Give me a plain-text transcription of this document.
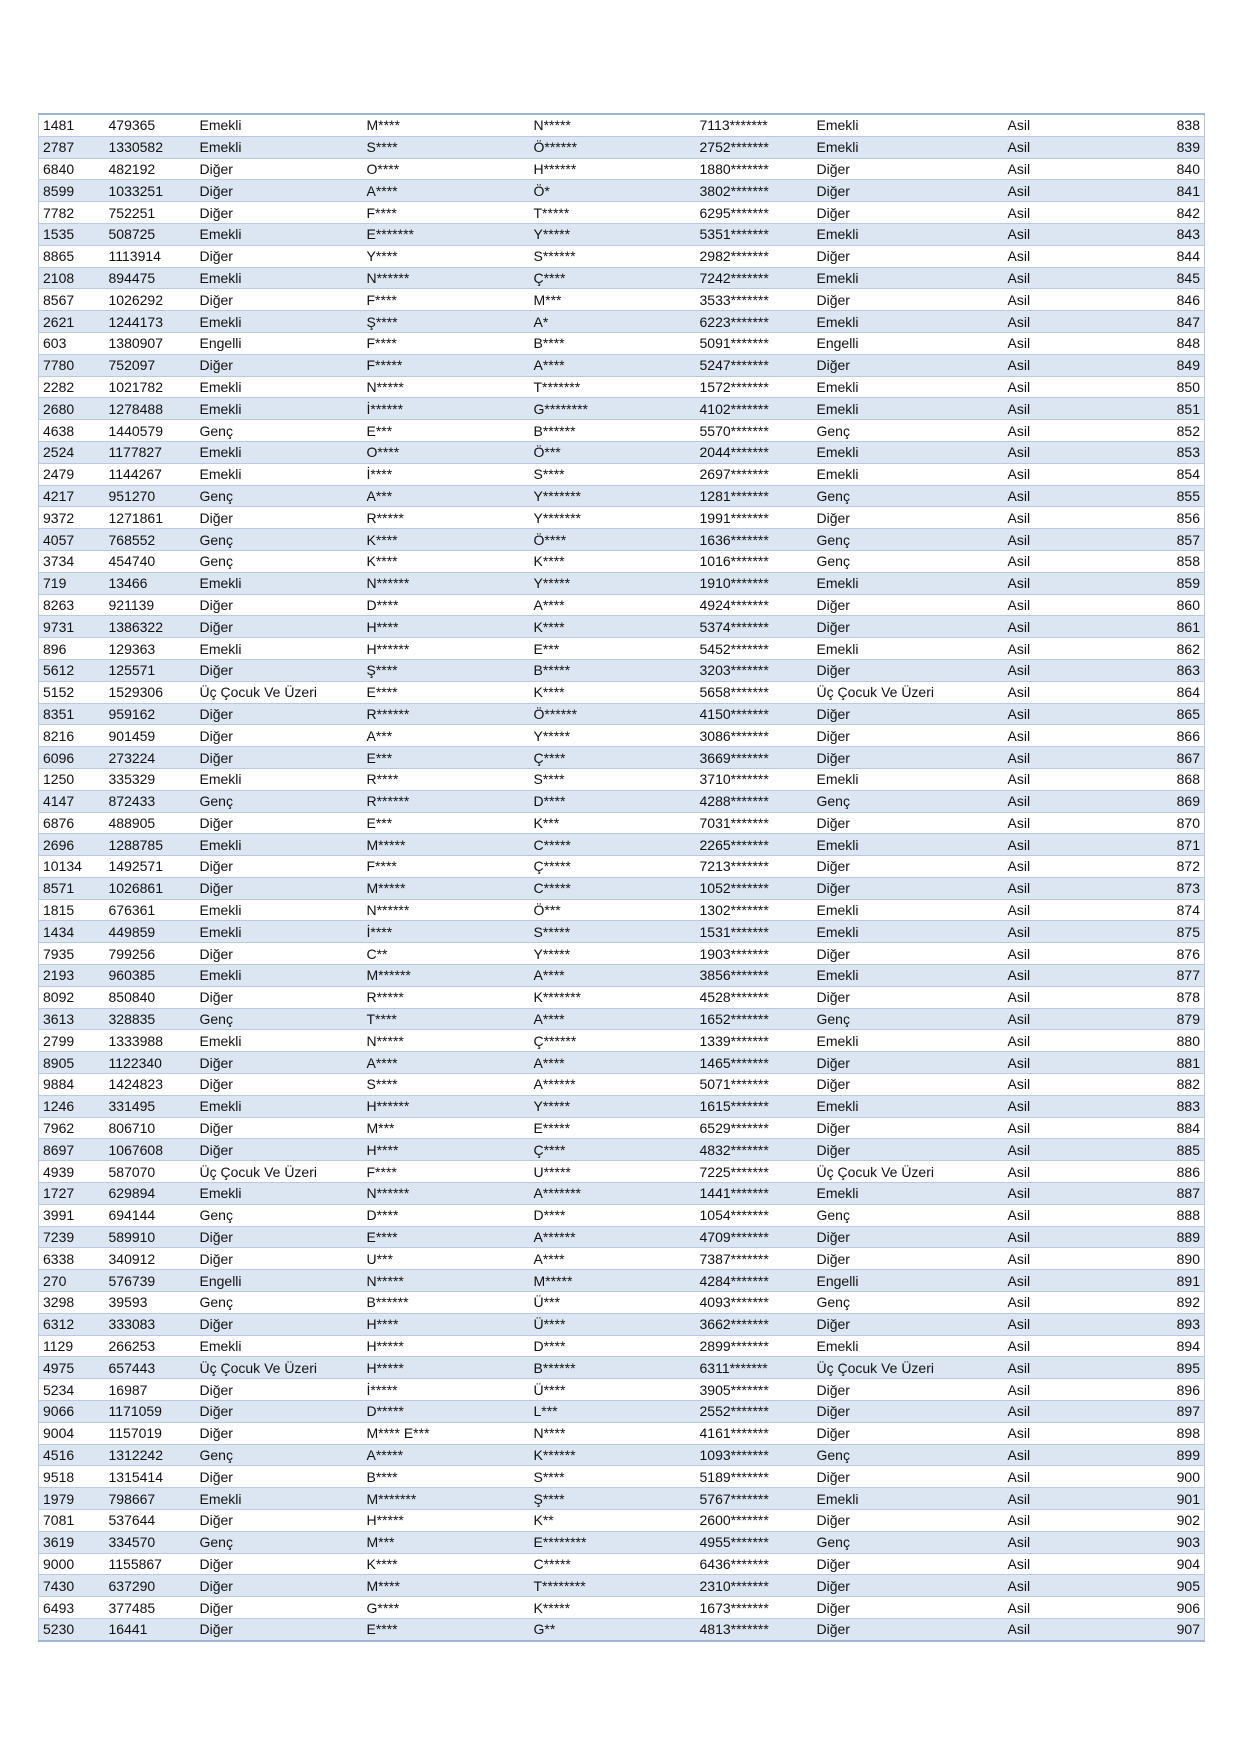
1481	479365	Emekli	M****	N*****	7113*******	Emekli	Asil	838
2787	1330582	Emekli	S****	Ö******	2752*******	Emekli	Asil	839
6840	482192	Diğer	O****	H******	1880*******	Diğer	Asil	840
8599	1033251	Diğer	A****	Ö*	3802*******	Diğer	Asil	841
7782	752251	Diğer	F****	T*****	6295*******	Diğer	Asil	842
1535	508725	Emekli	E*******	Y*****	5351*******	Emekli	Asil	843
8865	1113914	Diğer	Y****	S******	2982*******	Diğer	Asil	844
2108	894475	Emekli	N******	Ç****	7242*******	Emekli	Asil	845
8567	1026292	Diğer	F****	M***	3533*******	Diğer	Asil	846
2621	1244173	Emekli	Ş****	A*	6223*******	Emekli	Asil	847
603	1380907	Engelli	F****	B****	5091*******	Engelli	Asil	848
7780	752097	Diğer	F*****	A****	5247*******	Diğer	Asil	849
2282	1021782	Emekli	N*****	T*******	1572*******	Emekli	Asil	850
2680	1278488	Emekli	İ******	G********	4102*******	Emekli	Asil	851
4638	1440579	Genç	E***	B******	5570*******	Genç	Asil	852
2524	1177827	Emekli	O****	Ö***	2044*******	Emekli	Asil	853
2479	1144267	Emekli	İ****	S****	2697*******	Emekli	Asil	854
4217	951270	Genç	A***	Y*******	1281*******	Genç	Asil	855
9372	1271861	Diğer	R*****	Y*******	1991*******	Diğer	Asil	856
4057	768552	Genç	K****	Ö****	1636*******	Genç	Asil	857
3734	454740	Genç	K****	K****	1016*******	Genç	Asil	858
719	13466	Emekli	N******	Y*****	1910*******	Emekli	Asil	859
8263	921139	Diğer	D****	A****	4924*******	Diğer	Asil	860
9731	1386322	Diğer	H****	K****	5374*******	Diğer	Asil	861
896	129363	Emekli	H******	E***	5452*******	Emekli	Asil	862
5612	125571	Diğer	Ş****	B*****	3203*******	Diğer	Asil	863
5152	1529306	Üç Çocuk Ve Üzeri	E****	K****	5658*******	Üç Çocuk Ve Üzeri	Asil	864
8351	959162	Diğer	R******	Ö******	4150*******	Diğer	Asil	865
8216	901459	Diğer	A***	Y*****	3086*******	Diğer	Asil	866
6096	273224	Diğer	E***	Ç****	3669*******	Diğer	Asil	867
1250	335329	Emekli	R****	S****	3710*******	Emekli	Asil	868
4147	872433	Genç	R******	D****	4288*******	Genç	Asil	869
6876	488905	Diğer	E***	K***	7031*******	Diğer	Asil	870
2696	1288785	Emekli	M*****	C*****	2265*******	Emekli	Asil	871
10134	1492571	Diğer	F****	Ç*****	7213*******	Diğer	Asil	872
8571	1026861	Diğer	M*****	C*****	1052*******	Diğer	Asil	873
1815	676361	Emekli	N******	Ö***	1302*******	Emekli	Asil	874
1434	449859	Emekli	İ****	S*****	1531*******	Emekli	Asil	875
7935	799256	Diğer	C**	Y*****	1903*******	Diğer	Asil	876
2193	960385	Emekli	M******	A****	3856*******	Emekli	Asil	877
8092	850840	Diğer	R*****	K*******	4528*******	Diğer	Asil	878
3613	328835	Genç	T****	A****	1652*******	Genç	Asil	879
2799	1333988	Emekli	N*****	Ç******	1339*******	Emekli	Asil	880
8905	1122340	Diğer	A****	A****	1465*******	Diğer	Asil	881
9884	1424823	Diğer	S****	A******	5071*******	Diğer	Asil	882
1246	331495	Emekli	H******	Y*****	1615*******	Emekli	Asil	883
7962	806710	Diğer	M***	E*****	6529*******	Diğer	Asil	884
8697	1067608	Diğer	H****	Ç****	4832*******	Diğer	Asil	885
4939	587070	Üç Çocuk Ve Üzeri	F****	U*****	7225*******	Üç Çocuk Ve Üzeri	Asil	886
1727	629894	Emekli	N******	A*******	1441*******	Emekli	Asil	887
3991	694144	Genç	D****	D****	1054*******	Genç	Asil	888
7239	589910	Diğer	E****	A******	4709*******	Diğer	Asil	889
6338	340912	Diğer	U***	A****	7387*******	Diğer	Asil	890
270	576739	Engelli	N*****	M*****	4284*******	Engelli	Asil	891
3298	39593	Genç	B******	Ü***	4093*******	Genç	Asil	892
6312	333083	Diğer	H****	Ü****	3662*******	Diğer	Asil	893
1129	266253	Emekli	H*****	D****	2899*******	Emekli	Asil	894
4975	657443	Üç Çocuk Ve Üzeri	H*****	B******	6311*******	Üç Çocuk Ve Üzeri	Asil	895
5234	16987	Diğer	İ*****	Ü****	3905*******	Diğer	Asil	896
9066	1171059	Diğer	D*****	L***	2552*******	Diğer	Asil	897
9004	1157019	Diğer	M**** E***	N****	4161*******	Diğer	Asil	898
4516	1312242	Genç	A*****	K******	1093*******	Genç	Asil	899
9518	1315414	Diğer	B****	S****	5189*******	Diğer	Asil	900
1979	798667	Emekli	M*******	Ş****	5767*******	Emekli	Asil	901
7081	537644	Diğer	H*****	K**	2600*******	Diğer	Asil	902
3619	334570	Genç	M***	E********	4955*******	Genç	Asil	903
9000	1155867	Diğer	K****	C*****	6436*******	Diğer	Asil	904
7430	637290	Diğer	M****	T********	2310*******	Diğer	Asil	905
6493	377485	Diğer	G****	K*****	1673*******	Diğer	Asil	906
5230	16441	Diğer	E****	G**	4813*******	Diğer	Asil	907
